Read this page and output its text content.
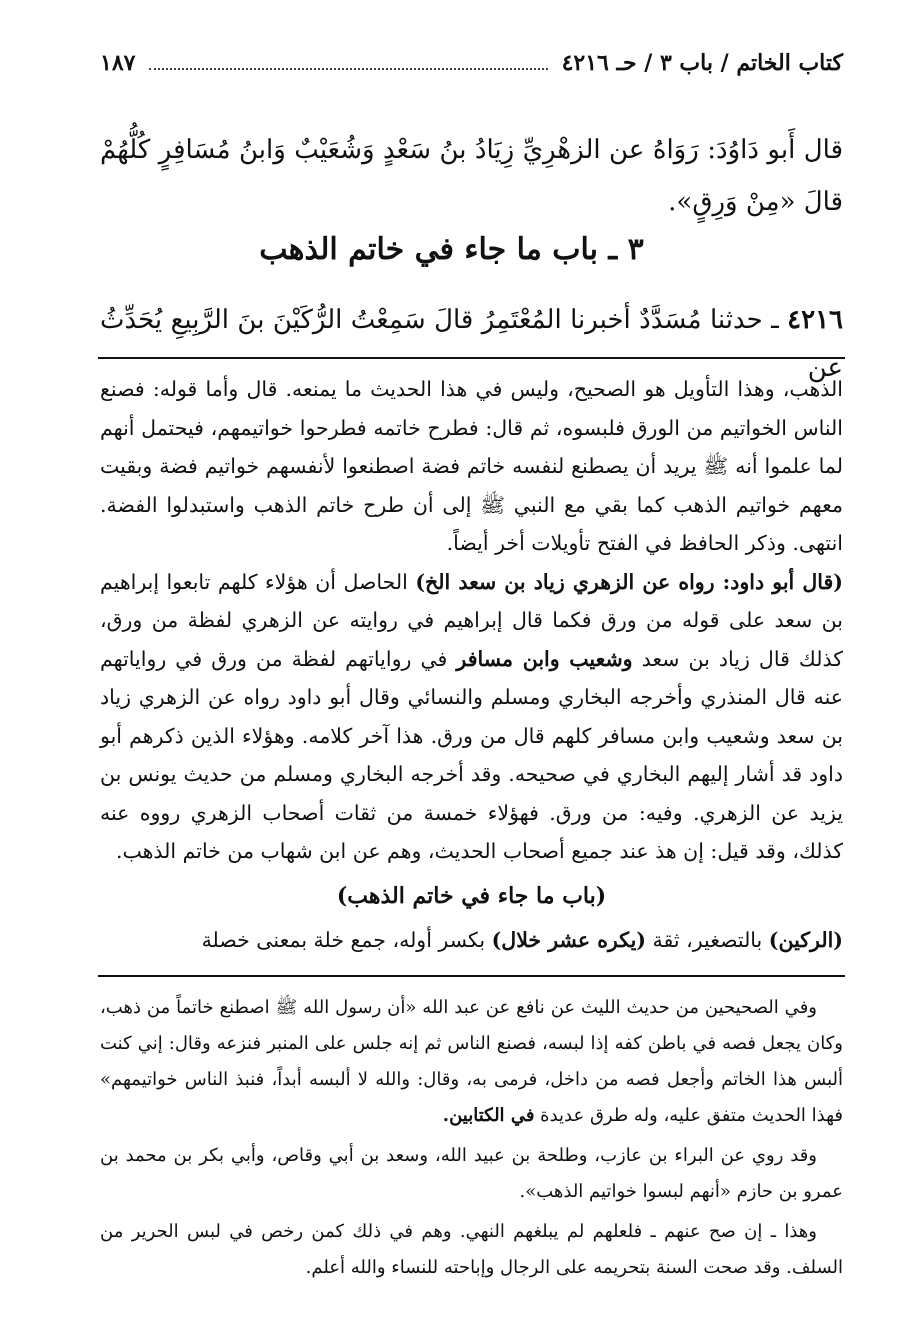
كتاب الخاتم / باب ٣ / حـ ٤٢١٦
١٨٧
قال أَبو دَاوُدَ: رَوَاهُ عن الزهْرِيِّ زِيَادُ بنُ سَعْدٍ وَشُعَيْبٌ وَابنُ مُسَافِرٍ كُلُّهُمْ قالَ «مِنْ وَرِقٍ».
٣ ـ باب ما جاء في خاتم الذهب
٤٢١٦ ـ حدثنا مُسَدَّدٌ أخبرنا المُعْتَمِرُ قالَ سَمِعْتُ الرُّكَيْنَ بنَ الرَّبِيعِ يُحَدِّثُ عن

الذهب، وهذا التأويل هو الصحيح، وليس في هذا الحديث ما يمنعه. قال وأما قوله: فصنع الناس الخواتيم من الورق فلبسوه، ثم قال: فطرح خاتمه فطرحوا خواتيمهم، فيحتمل أنهم لما علموا أنه ﷺ يريد أن يصطنع لنفسه خاتم فضة اصطنعوا لأنفسهم خواتيم فضة وبقيت معهم خواتيم الذهب كما بقي مع النبي ﷺ إلى أن طرح خاتم الذهب واستبدلوا الفضة. انتهى. وذكر الحافظ في الفتح تأويلات أخر أيضاً.

(قال أبو داود: رواه عن الزهري زياد بن سعد الخ) الحاصل أن هؤلاء كلهم تابعوا إبراهيم بن سعد على قوله من ورق فكما قال إبراهيم في روايته عن الزهري لفظة من ورق، كذلك قال زياد بن سعد وشعيب وابن مسافر في رواياتهم لفظة من ورق في رواياتهم عنه قال المنذري وأخرجه البخاري ومسلم والنسائي وقال أبو داود رواه عن الزهري زياد بن سعد وشعيب وابن مسافر كلهم قال من ورق. هذا آخر كلامه. وهؤلاء الذين ذكرهم أبو داود قد أشار إليهم البخاري في صحيحه. وقد أخرجه البخاري ومسلم من حديث يونس بن يزيد عن الزهري. وفيه: من ورق. فهؤلاء خمسة من ثقات أصحاب الزهري رووه عنه كذلك، وقد قيل: إن هذ عند جميع أصحاب الحديث، وهم عن ابن شهاب من خاتم الذهب.

(باب ما جاء في خاتم الذهب)

(الركين) بالتصغير، ثقة (يكره عشر خلال) بكسر أوله، جمع خلة بمعنى خصلة

وفي الصحيحين من حديث الليث عن نافع عن عبد الله «أن رسول الله ﷺ اصطنع خاتماً من ذهب، وكان يجعل فصه في باطن كفه إذا لبسه، فصنع الناس ثم إنه جلس على المنبر فنزعه وقال: إني كنت ألبس هذا الخاتم وأجعل فصه من داخل، فرمى به، وقال: والله لا ألبسه أبداً، فنبذ الناس خواتيمهم» فهذا الحديث متفق عليه، وله طرق عديدة في الكتابين.

وقد روي عن البراء بن عازب، وطلحة بن عبيد الله، وسعد بن أبي وقاص، وأبي بكر بن محمد بن عمرو بن حازم «أنهم لبسوا خواتيم الذهب».

وهذا ـ إن صح عنهم ـ فلعلهم لم يبلغهم النهي. وهم في ذلك كمن رخص في لبس الحرير من السلف. وقد صحت السنة بتحريمه على الرجال وإباحته للنساء والله أعلم.
